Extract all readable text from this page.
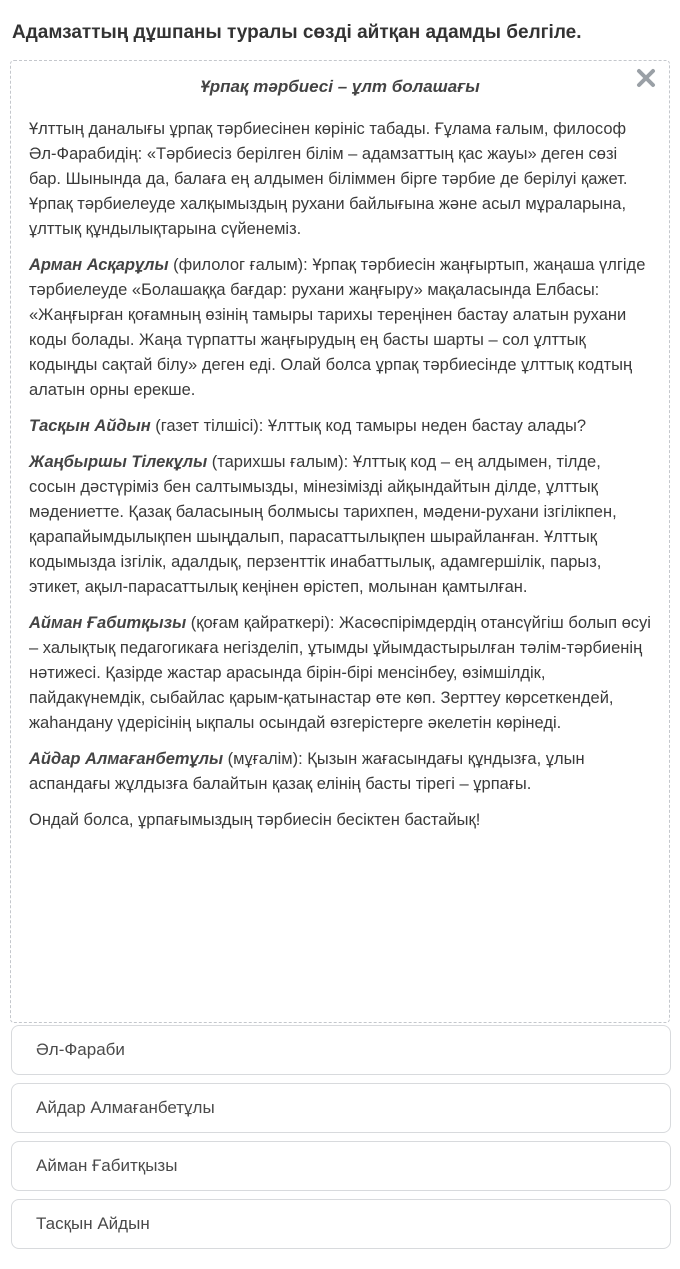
Адамзаттың дұшпаны туралы сөзді айтқан адамды белгіле.
Ұрпақ тәрбиесі – ұлт болашағы

Ұлттың даналығы ұрпақ тәрбиесінен көрініс табады. Ғұлама ғалым, философ Әл-Фарабидің: «Тәрбиесіз берілген білім – адамзаттың қас жауы» деген сөзі бар. Шынында да, балаға ең алдымен біліммен бірге тәрбие де берілуі қажет. Ұрпақ тәрбиелеуде халқымыздың рухани байлығына және асыл мұраларына, ұлттық құндылықтарына сүйенеміз.

Арман Асқарұлы (филолог ғалым): Ұрпақ тәрбиесін жаңғыртып, жаңаша үлгіде тәрбиелеуде «Болашаққа бағдар: рухани жаңғыру» мақаласында Елбасы: «Жаңғырған қоғамның өзінің тамыры тарихы тереңінен бастау алатын рухани коды болады. Жаңа түрпатты жаңғырудың ең басты шарты – сол ұлттық кодыңды сақтай білу» деген еді. Олай болса ұрпақ тәрбиесінде ұлттық кодтың алатын орны ерекше.

Тасқын Айдын (газет тілшісі): Ұлттық код тамыры неден бастау алады?

Жаңбыршы Тілекұлы (тарихшы ғалым): Ұлттық код – ең алдымен, тілде, сосын дәстүріміз бен салтымызды, мінезімізді айқындайтын ділде, ұлттық мәдениетте. Қазақ баласының болмысы тарихпен, мәдени-рухани ізгілікпен, қарапайымдылықпен шыңдалып, парасаттылықпен шырайланған. Ұлттық кодымызда ізгілік, адалдық, перзенттік инабаттылық, адамгершілік, парыз, этикет, ақыл-парасаттылық кеңінен өрістеп, молынан қамтылған.

Айман Ғабитқызы (қоғам қайраткері): Жасөспірімдердің отансүйгіш болып өсуі – халықтық педагогикаға негізделіп, ұтымды ұйымдастырылған тәлім-тәрбиенің нәтижесі. Қазірде жастар арасында бірін-бірі менсінбеу, өзімшілдік, пайдакүнемдік, сыбайлас қарым-қатынастар өте көп. Зерттеу көрсеткендей, жаһандану үдерісінің ықпалы осындай өзгерістерге әкелетін көрінеді.

Айдар Алмағанбетұлы (мұғалім): Қызын жағасындағы құндызға, ұлын аспандағы жұлдызға балайтын қазақ елінің басты тірегі – ұрпағы.

Ондай болса, ұрпағымыздың тәрбиесін бесіктен бастайық!

Әл-Фараби
Айдар Алмағанбетұлы
Айман Ғабитқызы
Тасқын Айдын
